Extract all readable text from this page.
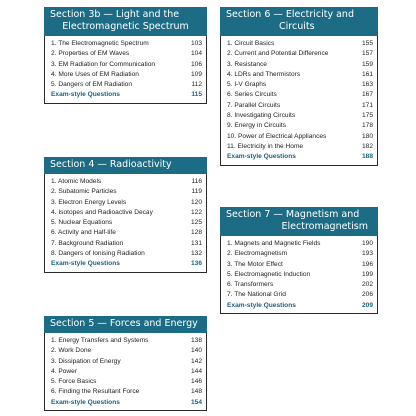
Section 3b — Light and the
Electromagnetic Spectrum
1. The Electromagnetic Spectrum	103
2. Properties of EM Waves	104
3. EM Radiation for Communication	106
4. More Uses of EM Radiation	109
5. Dangers of EM Radiation	112
Exam-style Questions	115
Section 4 — Radioactivity
1. Atomic Models	116
2. Subatomic Particles	119
3. Electron Energy Levels	120
4. Isotopes and Radioactive Decay	122
5. Nuclear Equations	125
6. Activity and Half-life	128
7. Background Radiation	131
8. Dangers of Ionising Radiation	132
Exam-style Questions	136
Section 5 — Forces and Energy
1. Energy Transfers and Systems	138
2. Work Done	140
3. Dissipation of Energy	142
4. Power	144
5. Force Basics	146
6. Finding the Resultant Force	148
Exam-style Questions	154
Section 6 — Electricity and
Circuits
1. Circuit Basics	155
2. Current and Potential Difference	157
3. Resistance	159
4. LDRs and Thermistors	161
5. I-V Graphs	163
6. Series Circuits	167
7. Parallel Circuits	171
8. Investigating Circuits	175
9. Energy in Circuits	178
10. Power of Electrical Appliances	180
11. Electricity in the Home	182
Exam-style Questions	188
Section 7 — Magnetism and
Electromagnetism
1. Magnets and Magnetic Fields	190
2. Electromagnetism	193
3. The Motor Effect	196
5. Electromagnetic Induction	199
6. Transformers	202
7. The National Grid	206
Exam-style Questions	209
